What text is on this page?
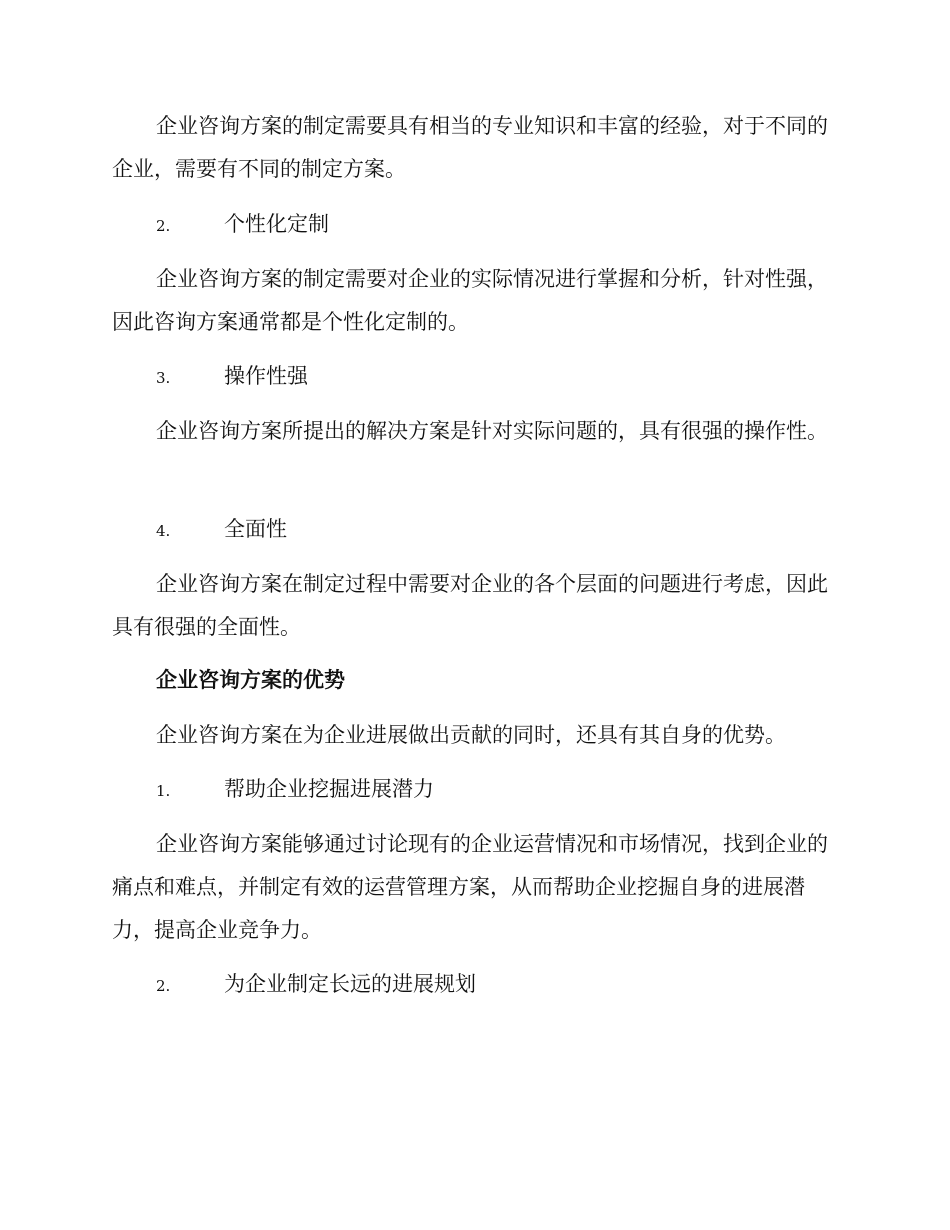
企业咨询方案的制定需要具有相当的专业知识和丰富的经验，对于不同的企业，需要有不同的制定方案。

2.	个性化定制

企业咨询方案的制定需要对企业的实际情况进行掌握和分析，针对性强，因此咨询方案通常都是个性化定制的。

3.	操作性强

企业咨询方案所提出的解决方案是针对实际问题的，具有很强的操作性。

4.	全面性

企业咨询方案在制定过程中需要对企业的各个层面的问题进行考虑，因此具有很强的全面性。

企业咨询方案的优势

企业咨询方案在为企业进展做出贡献的同时，还具有其自身的优势。

1.	帮助企业挖掘进展潜力

企业咨询方案能够通过讨论现有的企业运营情况和市场情况，找到企业的痛点和难点，并制定有效的运营管理方案，从而帮助企业挖掘自身的进展潜力，提高企业竞争力。

2.	为企业制定长远的进展规划
